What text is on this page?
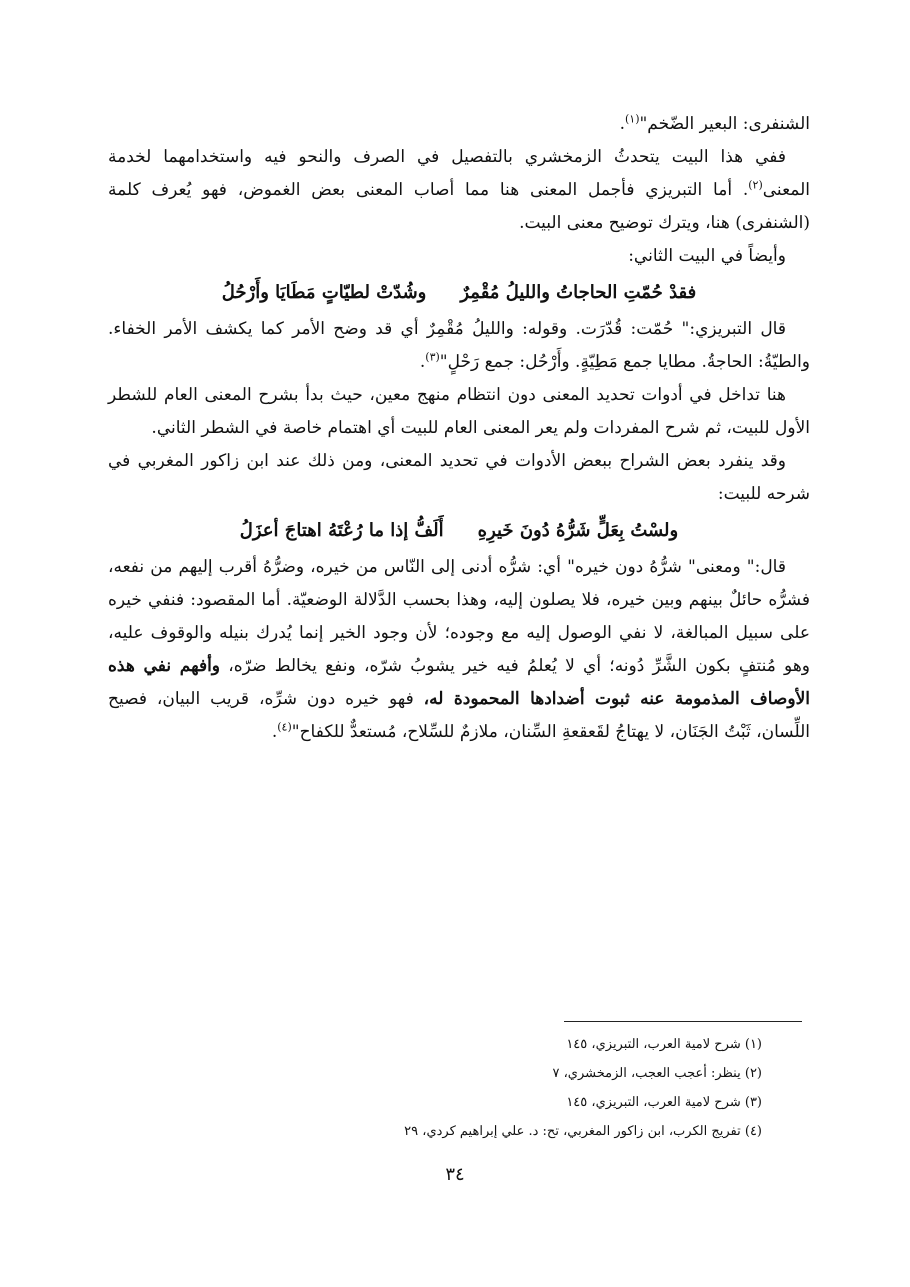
الشنفرى: البعير الضّخم"$^{(١)}$.

ففي هذا البيت يتحدثُ الزمخشري بالتفصيل في الصرف والنحو فيه واستخدامهما لخدمة المعنى$^{(٢)}$. أما التبريزي فأجمل المعنى هنا مما أصاب المعنى بعض الغموض، فهو يُعرف كلمة (الشنفرى) هنا، ويترك توضيح معنى البيت.

وأيضاً في البيت الثاني:

فقدْ حُمّتِ الحاجاتُ والليلُ مُقْمِرٌوشُدّتْ لطيّاتٍ مَطَايَا وأَرْحُلُ

قال التبريزي:" حُمّت: قُدّرَت. وقوله: والليلُ مُقْمِرٌ أي قد وضح الأمر كما يكشف الأمر الخفاء. والطيّةُ: الحاجةُ. مطايا جمع مَطِيّةٍ. وأَرْحُل: جمع رَحْلٍ"$^{(٣)}$.

هنا تداخل في أدوات تحديد المعنى دون انتظام منهج معين، حيث بدأ بشرح المعنى العام للشطر الأول للبيت، ثم شرح المفردات ولم يعر المعنى العام للبيت أي اهتمام خاصة في الشطر الثاني.

وقد ينفرد بعض الشراح ببعض الأدوات في تحديد المعنى، ومن ذلك عند ابن زاكور المغربي في شرحه للبيت:

ولسْتُ بِعَلٍّ شَرُّهُ دُونَ خَيرِهِأَلَفُّ إذا ما رُعْتَهُ اهتاجَ أعزَلُ

قال:" ومعنى" شرُّهُ دون خيره" أي: شرُّه أدنى إلى النّاس من خيره، وضرُّهُ أقرب إليهم من نفعه، فشرُّه حائلٌ بينهم وبين خيره، فلا يصلون إليه، وهذا بحسب الدَّلالة الوضعيّة. أما المقصود: فنفي خيره على سبيل المبالغة، لا نفي الوصول إليه مع وجوده؛ لأن وجود الخير إنما يُدرك بنيله والوقوف عليه، وهو مُنتفٍ بكون الشَّرِّ دُونه؛ أي لا يُعلمُ فيه خير يشوبُ شرّه، ونفع يخالط ضرّه، وأفهم نفي هذه الأوصاف المذمومة عنه ثبوت أضدادها المحمودة له، فهو خيره دون شرِّه، قريب البيان، فصيح اللِّسان، ثَبْتُ الجَنَان، لا يهتاجُ لقَعقعةِ السِّنان، ملازمٌ للسِّلاح، مُستعدٌّ للكفاح"$^{(٤)}$.

(١) شرح لامية العرب، التبريزي، ١٤٥

(٢) ينظر: أعجب العجب، الزمخشري، ٧

(٣) شرح لامية العرب، التبريزي، ١٤٥

(٤) تفريج الكرب، ابن زاكور المغربي، تح: د. علي إبراهيم كردي، ٢٩

٣٤
